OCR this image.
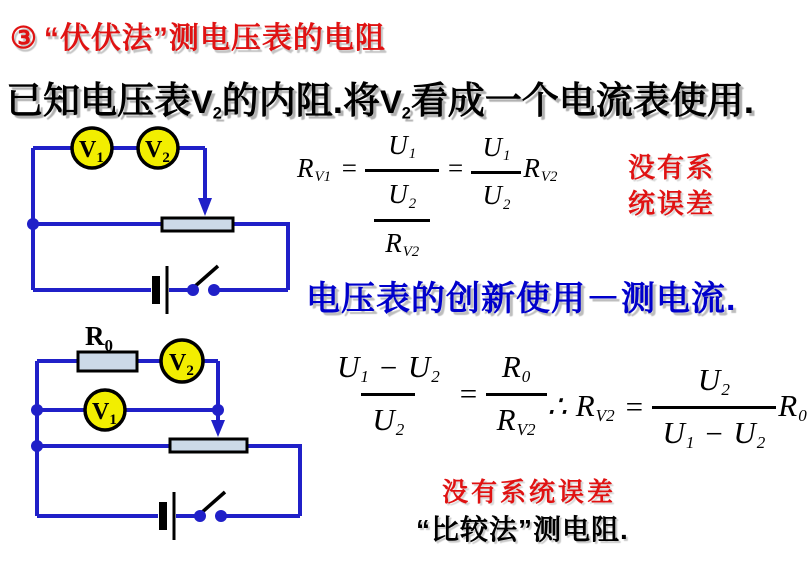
③ “伏伏法”测电压表的电阻
已知电压表$V_2$的内阻.将$V_2$看成一个电流表使用.
$V_1$ $V_2$	$R_{V1} = \frac{U_1}{\frac{U_2}{R_{V2}}} = \frac{U_1}{U_2} R_{V2}$	没有系
统误差
电压表的创新使用－测电流.
$R_0$
$V_2$
$V_1$	$\frac{U_1 - U_2}{U_2} = \frac{R_0}{R_{V2}}$ ∴ $R_{V2} = \frac{U_2}{U_1 - U_2} R_0$
没有系统误差
“比较法”测电阻.
